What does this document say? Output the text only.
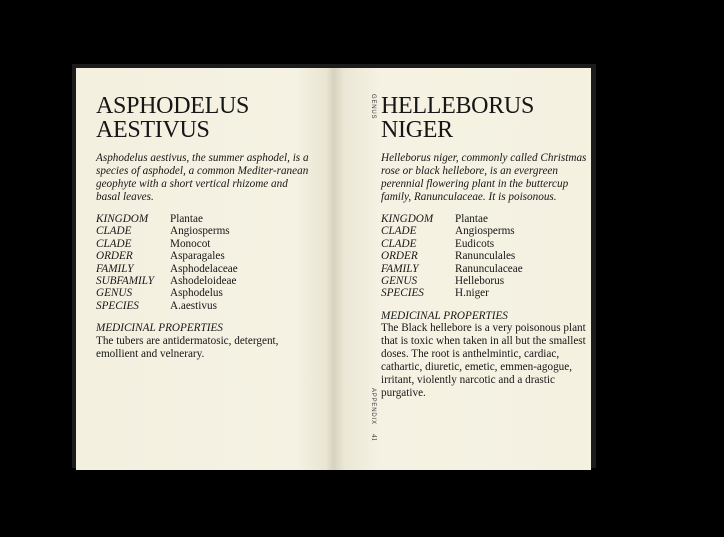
ASPHODELUS
AESTIVUS

Asphodelus aestivus, the summer asphodel, is a species of asphodel, a common Mediter-ranean geophyte with a short vertical rhizome and basal leaves.

KINGDOM	Plantae
CLADE	Angiosperms
CLADE	Monocot
ORDER	Asparagales
FAMILY	Asphodelaceae
SUBFAMILY	Ashodeloideae
GENUS	Asphodelus
SPECIES	A.aestivus

MEDICINAL PROPERTIES

The tubers are antidermatosic, detergent, emollient and velnerary.

GENUS
APPENDIX
41
HELLEBORUS
NIGER

Helleborus niger, commonly called Christmas rose or black hellebore, is an evergreen perennial flowering plant in the buttercup family, Ranunculaceae. It is poisonous.

KINGDOM	Plantae
CLADE	Angiosperms
CLADE	Eudicots
ORDER	Ranunculales
FAMILY	Ranunculaceae
GENUS	Helleborus
SPECIES	H.niger

MEDICINAL PROPERTIES

The Black hellebore is a very poisonous plant that is toxic when taken in all but the smallest doses. The root is anthelmintic, cardiac, cathartic, diuretic, emetic, emmen-agogue, irritant, violently narcotic and a drastic purgative.
